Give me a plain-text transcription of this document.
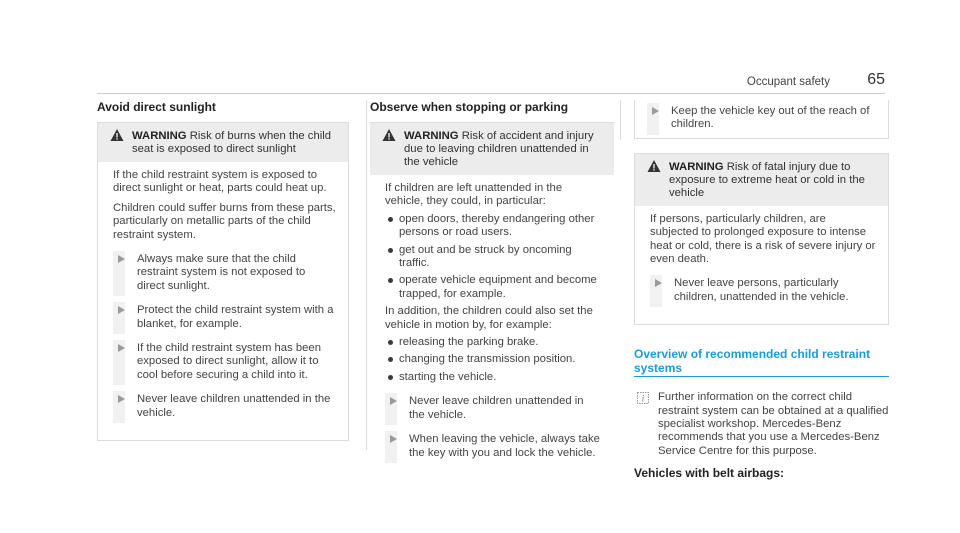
Occupant safety 65
Avoid direct sunlight
WARNING Risk of burns when the child seat is exposed to direct sunlight

If the child restraint system is exposed to direct sunlight or heat, parts could heat up.

Children could suffer burns from these parts, particularly on metallic parts of the child restraint system.

Always make sure that the child restraint system is not exposed to direct sunlight.
Protect the child restraint system with a blanket, for example.
If the child restraint system has been exposed to direct sunlight, allow it to cool before securing a child into it.
Never leave children unattended in the vehicle.
Observe when stopping or parking
WARNING Risk of accident and injury due to leaving children unattended in the vehicle

If children are left unattended in the vehicle, they could, in particular:

open doors, thereby endangering other persons or road users.
get out and be struck by oncoming traffic.
operate vehicle equipment and become trapped, for example.

In addition, the children could also set the vehicle in motion by, for example:

releasing the parking brake.
changing the transmission position.
starting the vehicle.
Never leave children unattended in the vehicle.
When leaving the vehicle, always take the key with you and lock the vehicle.
Keep the vehicle key out of the reach of children.
WARNING Risk of fatal injury due to exposure to extreme heat or cold in the vehicle

If persons, particularly children, are subjected to prolonged exposure to intense heat or cold, there is a risk of severe injury or even death.

Never leave persons, particularly children, unattended in the vehicle.
Overview of recommended child restraint systems
i Further information on the correct child restraint system can be obtained at a qualified specialist workshop. Mercedes-Benz recommends that you use a Mercedes-Benz Service Centre for this purpose.
Vehicles with belt airbags:
